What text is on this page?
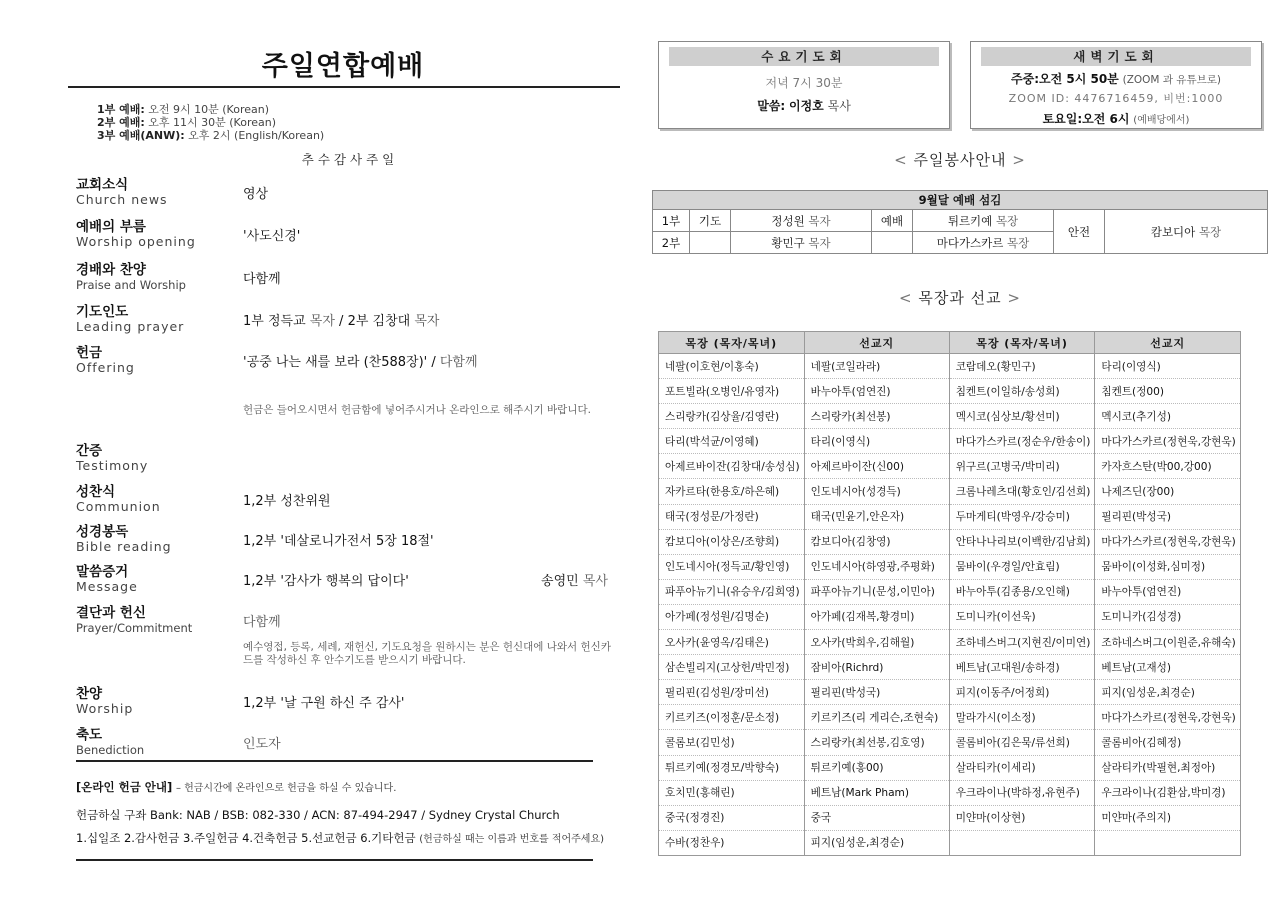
주일연합예배
1부 예배: 오전 9시 10분 (Korean)
2부 예배: 오후 11시 30분 (Korean)
3부 예배(ANW): 오후 2시 (English/Korean)
추수감사주일
교회소식
Church news	영상
예배의 부름
Worship opening	'사도신경'
경배와 찬양
Praise and Worship	다함께
기도인도
Leading prayer	1부 정득교 목자 / 2부 김창대 목자
헌금
Offering	'공중 나는 새를 보라 (찬588장)' / 다함께
헌금은 들어오시면서 헌금함에 넣어주시거나 온라인으로 해주시기 바랍니다.
간증
Testimony
성찬식
Communion	1,2부 성찬위원
성경봉독
Bible reading	1,2부 '데살로니가전서 5장 18절'
말씀증거
Message	1,2부 '감사가 행복의 답이다'	송영민 목사
결단과 헌신
Prayer/Commitment	다함께
예수영접, 등록, 세례, 재헌신, 기도요청을 원하시는 분은 헌신대에 나와서 헌신카드를 작성하신 후 안수기도를 받으시기 바랍니다.
찬양
Worship	1,2부 '날 구원 하신 주 감사'
축도
Benediction	인도자
[온라인 헌금 안내] – 헌금시간에 온라인으로 헌금을 하실 수 있습니다.
헌금하실 구좌 Bank: NAB / BSB: 082-330 / ACN: 87-494-2947 / Sydney Crystal Church
1.십일조 2.감사헌금 3.주일헌금 4.건축헌금 5.선교헌금 6.기타헌금 (헌금하실 때는 이름과 번호를 적어주세요)
수요기도회
저녁 7시 30분
말씀: 이정호 목사
새벽기도회
주중:오전 5시 50분 (ZOOM 과 유튜브로)
ZOOM ID: 4476716459, 비번:1000
토요일:오전 6시 (예배당에서)
< 주일봉사안내 >
9월달 예배 섬김						
1부	기도	정성원 목자	예배	튀르키예 목장	안전	캄보디아 목장
2부		황민구 목자		마다가스카르 목장		
< 목장과 선교 >
목장 (목자/목녀)	선교지	목장 (목자/목녀)	선교지
네팔(이호현/이홍숙)	네팔(코일라라)	코람데오(황민구)	타리(이영식)
포트빌라(오병인/유영자)	바누아투(엄연진)	침켄트(이일하/송성희)	침켄트(정00)
스리랑카(김상율/김영란)	스리랑카(최선봉)	멕시코(심상보/황선미)	멕시코(추기성)
타리(박석균/이영혜)	타리(이영식)	마다가스카르(정순우/한송이)	마다가스카르(정현욱,강현욱)
아제르바이잔(김창대/송성심)	아제르바이잔(신00)	위구르(고병국/박미리)	카자흐스탄(박00,강00)
자카르타(한용호/하은혜)	인도네시아(성경득)	크롬나레츠대(황호인/김선희)	나제즈딘(장00)
태국(정성문/가정란)	태국(민윤기,안은자)	두마게티(박영우/강승미)	필리핀(박성국)
캄보디아(이상은/조향희)	캄보디아(김창영)	안타나나리보(이백한/김남희)	마다가스카르(정현욱,강현욱)
인도네시아(정득교/황인영)	인도네시아(하영광,주평화)	뭄바이(우경일/안효림)	뭄바이(이성화,심미정)
파푸아뉴기니(유승우/김희영)	파푸아뉴기니(문성,이민아)	바누아투(김종용/오인해)	바누아투(엄연진)
아가페(정성원/김명순)	아가페(김재복,황경미)	도미니카(이선욱)	도미니카(김성경)
오사카(윤영옥/김태은)	오사카(박희우,김해월)	조하네스버그(지현진/이미연)	조하네스버그(이원준,유해숙)
삼손빌리지(고상헌/박민정)	잠비아(Richrd)	베트남(고대원/송하경)	베트남(고재성)
필리핀(김성원/장미선)	필리핀(박성국)	피지(이동주/어정희)	피지(임성운,최경순)
키르키즈(이정훈/문소정)	키르키즈(리 게리슨,조현숙)	말라가시(이소정)	마다가스카르(정현욱,강현욱)
콜롬보(김민성)	스리랑카(최선봉,김호영)	콜롬비아(김은묵/류선희)	콜롬비아(김혜정)
튀르키예(정경모/박향숙)	튀르키예(홍00)	살라티카(이세리)	살라티카(박필현,최정아)
호치민(홍해린)	베트남(Mark Pham)	우크라이나(박하정,유현주)	우크라이나(김환삼,박미경)
중국(정경진)	중국	미얀마(이상현)	미얀마(주의지)
수바(정찬우)	피지(임성운,최경순)		
